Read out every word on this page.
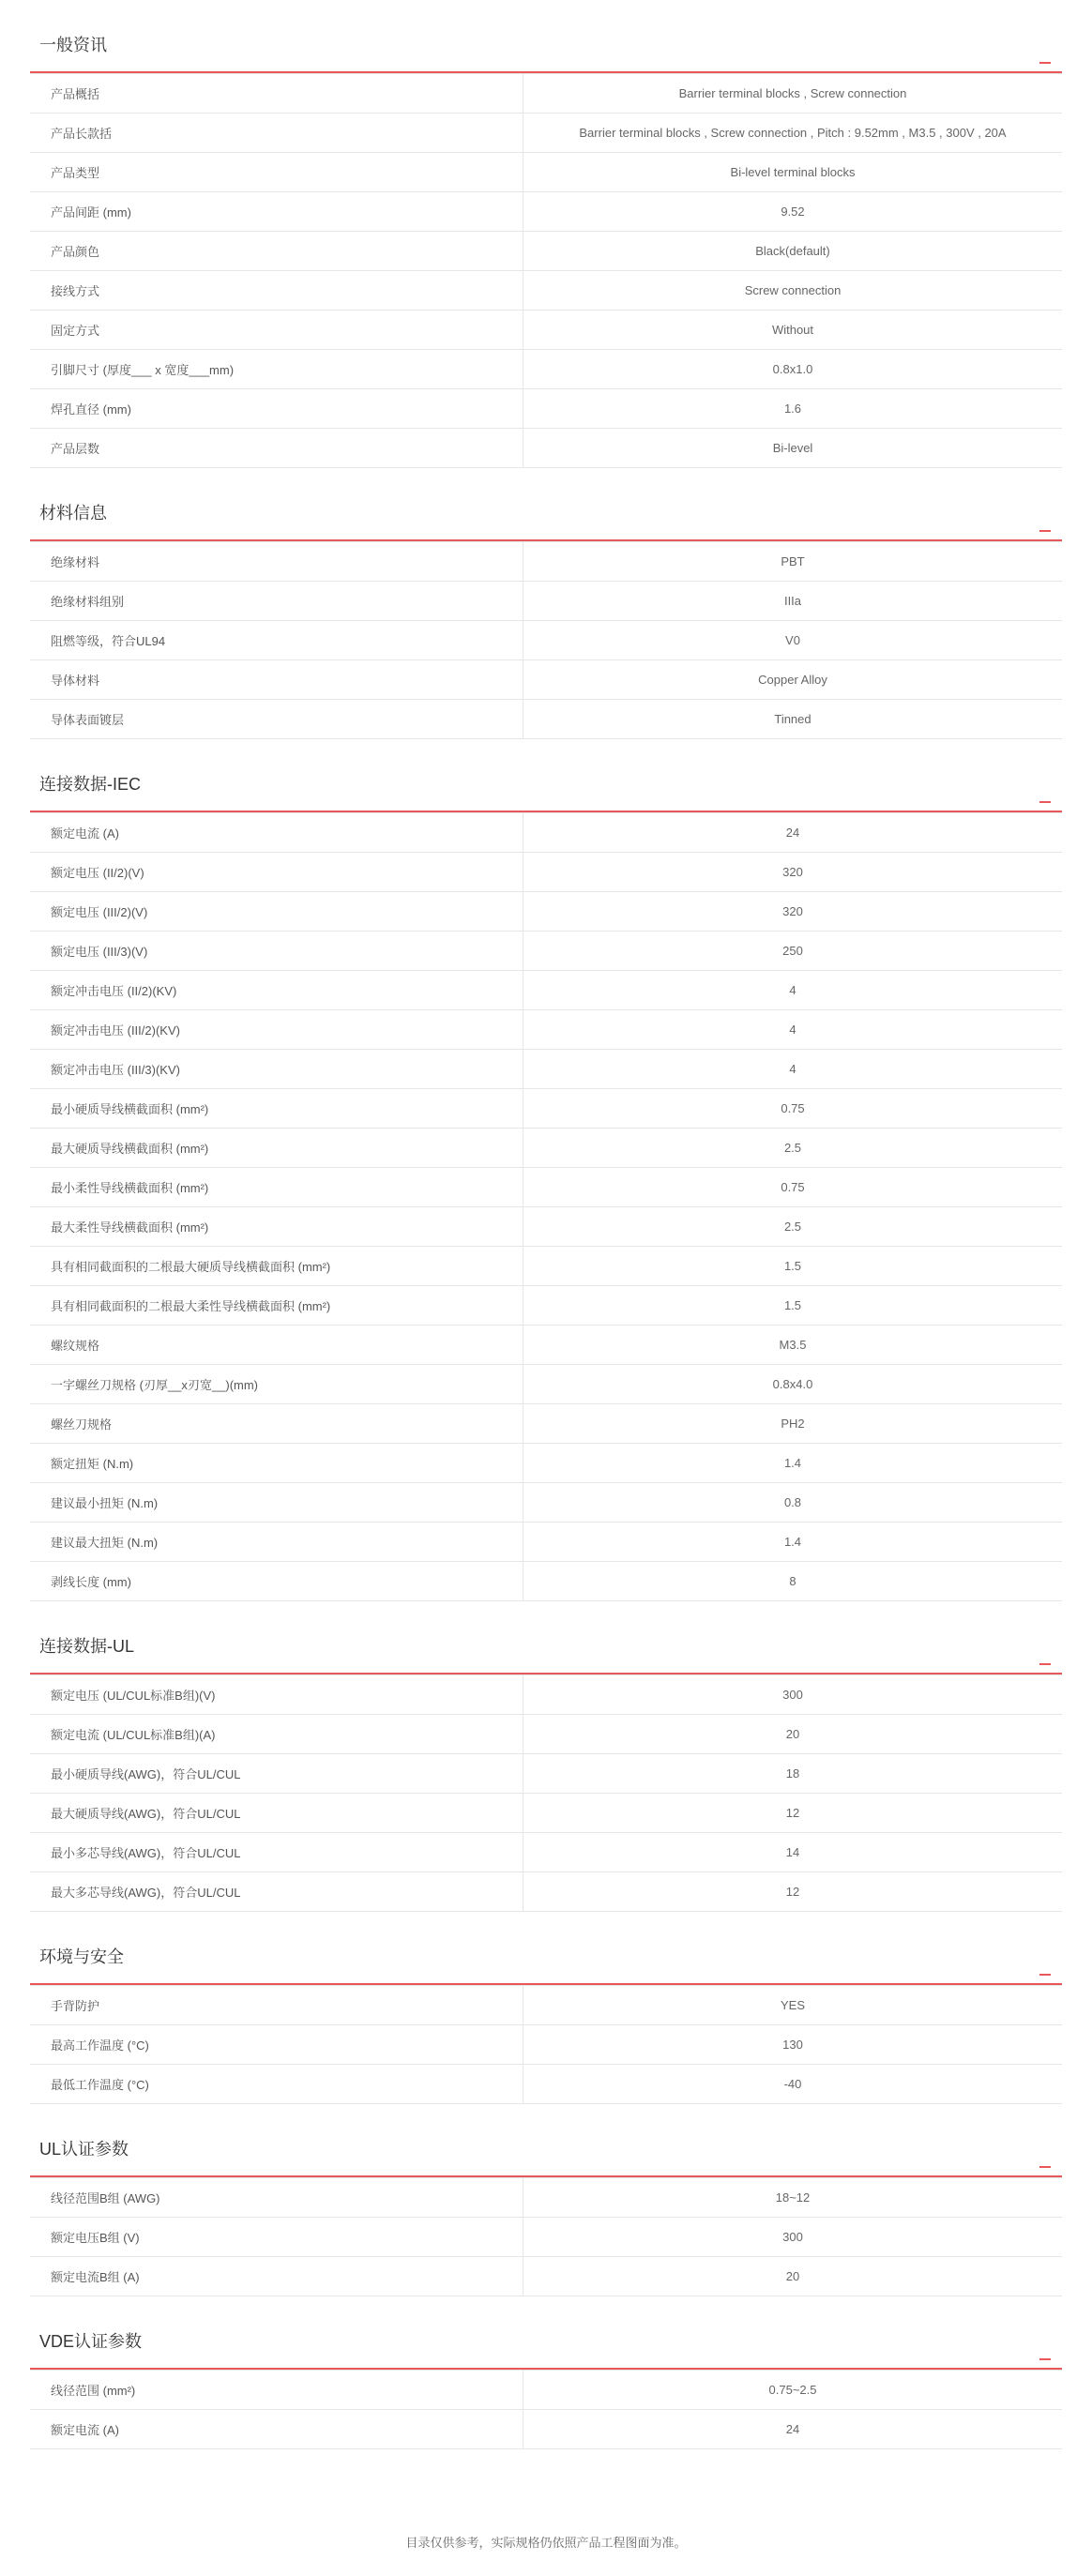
一般资讯
产品概括	Barrier terminal blocks , Screw connection
产品长款括	Barrier terminal blocks , Screw connection , Pitch : 9.52mm , M3.5 , 300V , 20A
产品类型	Bi-level terminal blocks
产品间距 (mm)	9.52
产品颜色	Black(default)
接线方式	Screw connection
固定方式	Without
引脚尺寸 (厚度___ x 宽度___mm)	0.8x1.0
焊孔直径 (mm)	1.6
产品层数	Bi-level
材料信息
绝缘材料	PBT
绝缘材料组别	IIIa
阻燃等级，符合UL94	V0
导体材料	Copper Alloy
导体表面镀层	Tinned
连接数据-IEC
额定电流 (A)	24
额定电压 (II/2)(V)	320
额定电压 (III/2)(V)	320
额定电压 (III/3)(V)	250
额定冲击电压 (II/2)(KV)	4
额定冲击电压 (III/2)(KV)	4
额定冲击电压 (III/3)(KV)	4
最小硬质导线横截面积 (mm²)	0.75
最大硬质导线横截面积 (mm²)	2.5
最小柔性导线横截面积 (mm²)	0.75
最大柔性导线横截面积 (mm²)	2.5
具有相同截面积的二根最大硬质导线横截面积 (mm²)	1.5
具有相同截面积的二根最大柔性导线横截面积 (mm²)	1.5
螺纹规格	M3.5
一字螺丝刀规格 (刃厚__x刃宽__)(mm)	0.8x4.0
螺丝刀规格	PH2
额定扭矩 (N.m)	1.4
建议最小扭矩 (N.m)	0.8
建议最大扭矩 (N.m)	1.4
剥线长度 (mm)	8
连接数据-UL
额定电压 (UL/CUL标准B组)(V)	300
额定电流 (UL/CUL标准B组)(A)	20
最小硬质导线(AWG)，符合UL/CUL	18
最大硬质导线(AWG)，符合UL/CUL	12
最小多芯导线(AWG)，符合UL/CUL	14
最大多芯导线(AWG)，符合UL/CUL	12
环境与安全
手背防护	YES
最高工作温度 (°C)	130
最低工作温度 (°C)	-40
UL认证参数
线径范围B组 (AWG)	18~12
额定电压B组 (V)	300
额定电流B组 (A)	20
VDE认证参数
线径范围 (mm²)	0.75~2.5
额定电流 (A)	24
目录仅供参考，实际规格仍依照产品工程图面为准。
